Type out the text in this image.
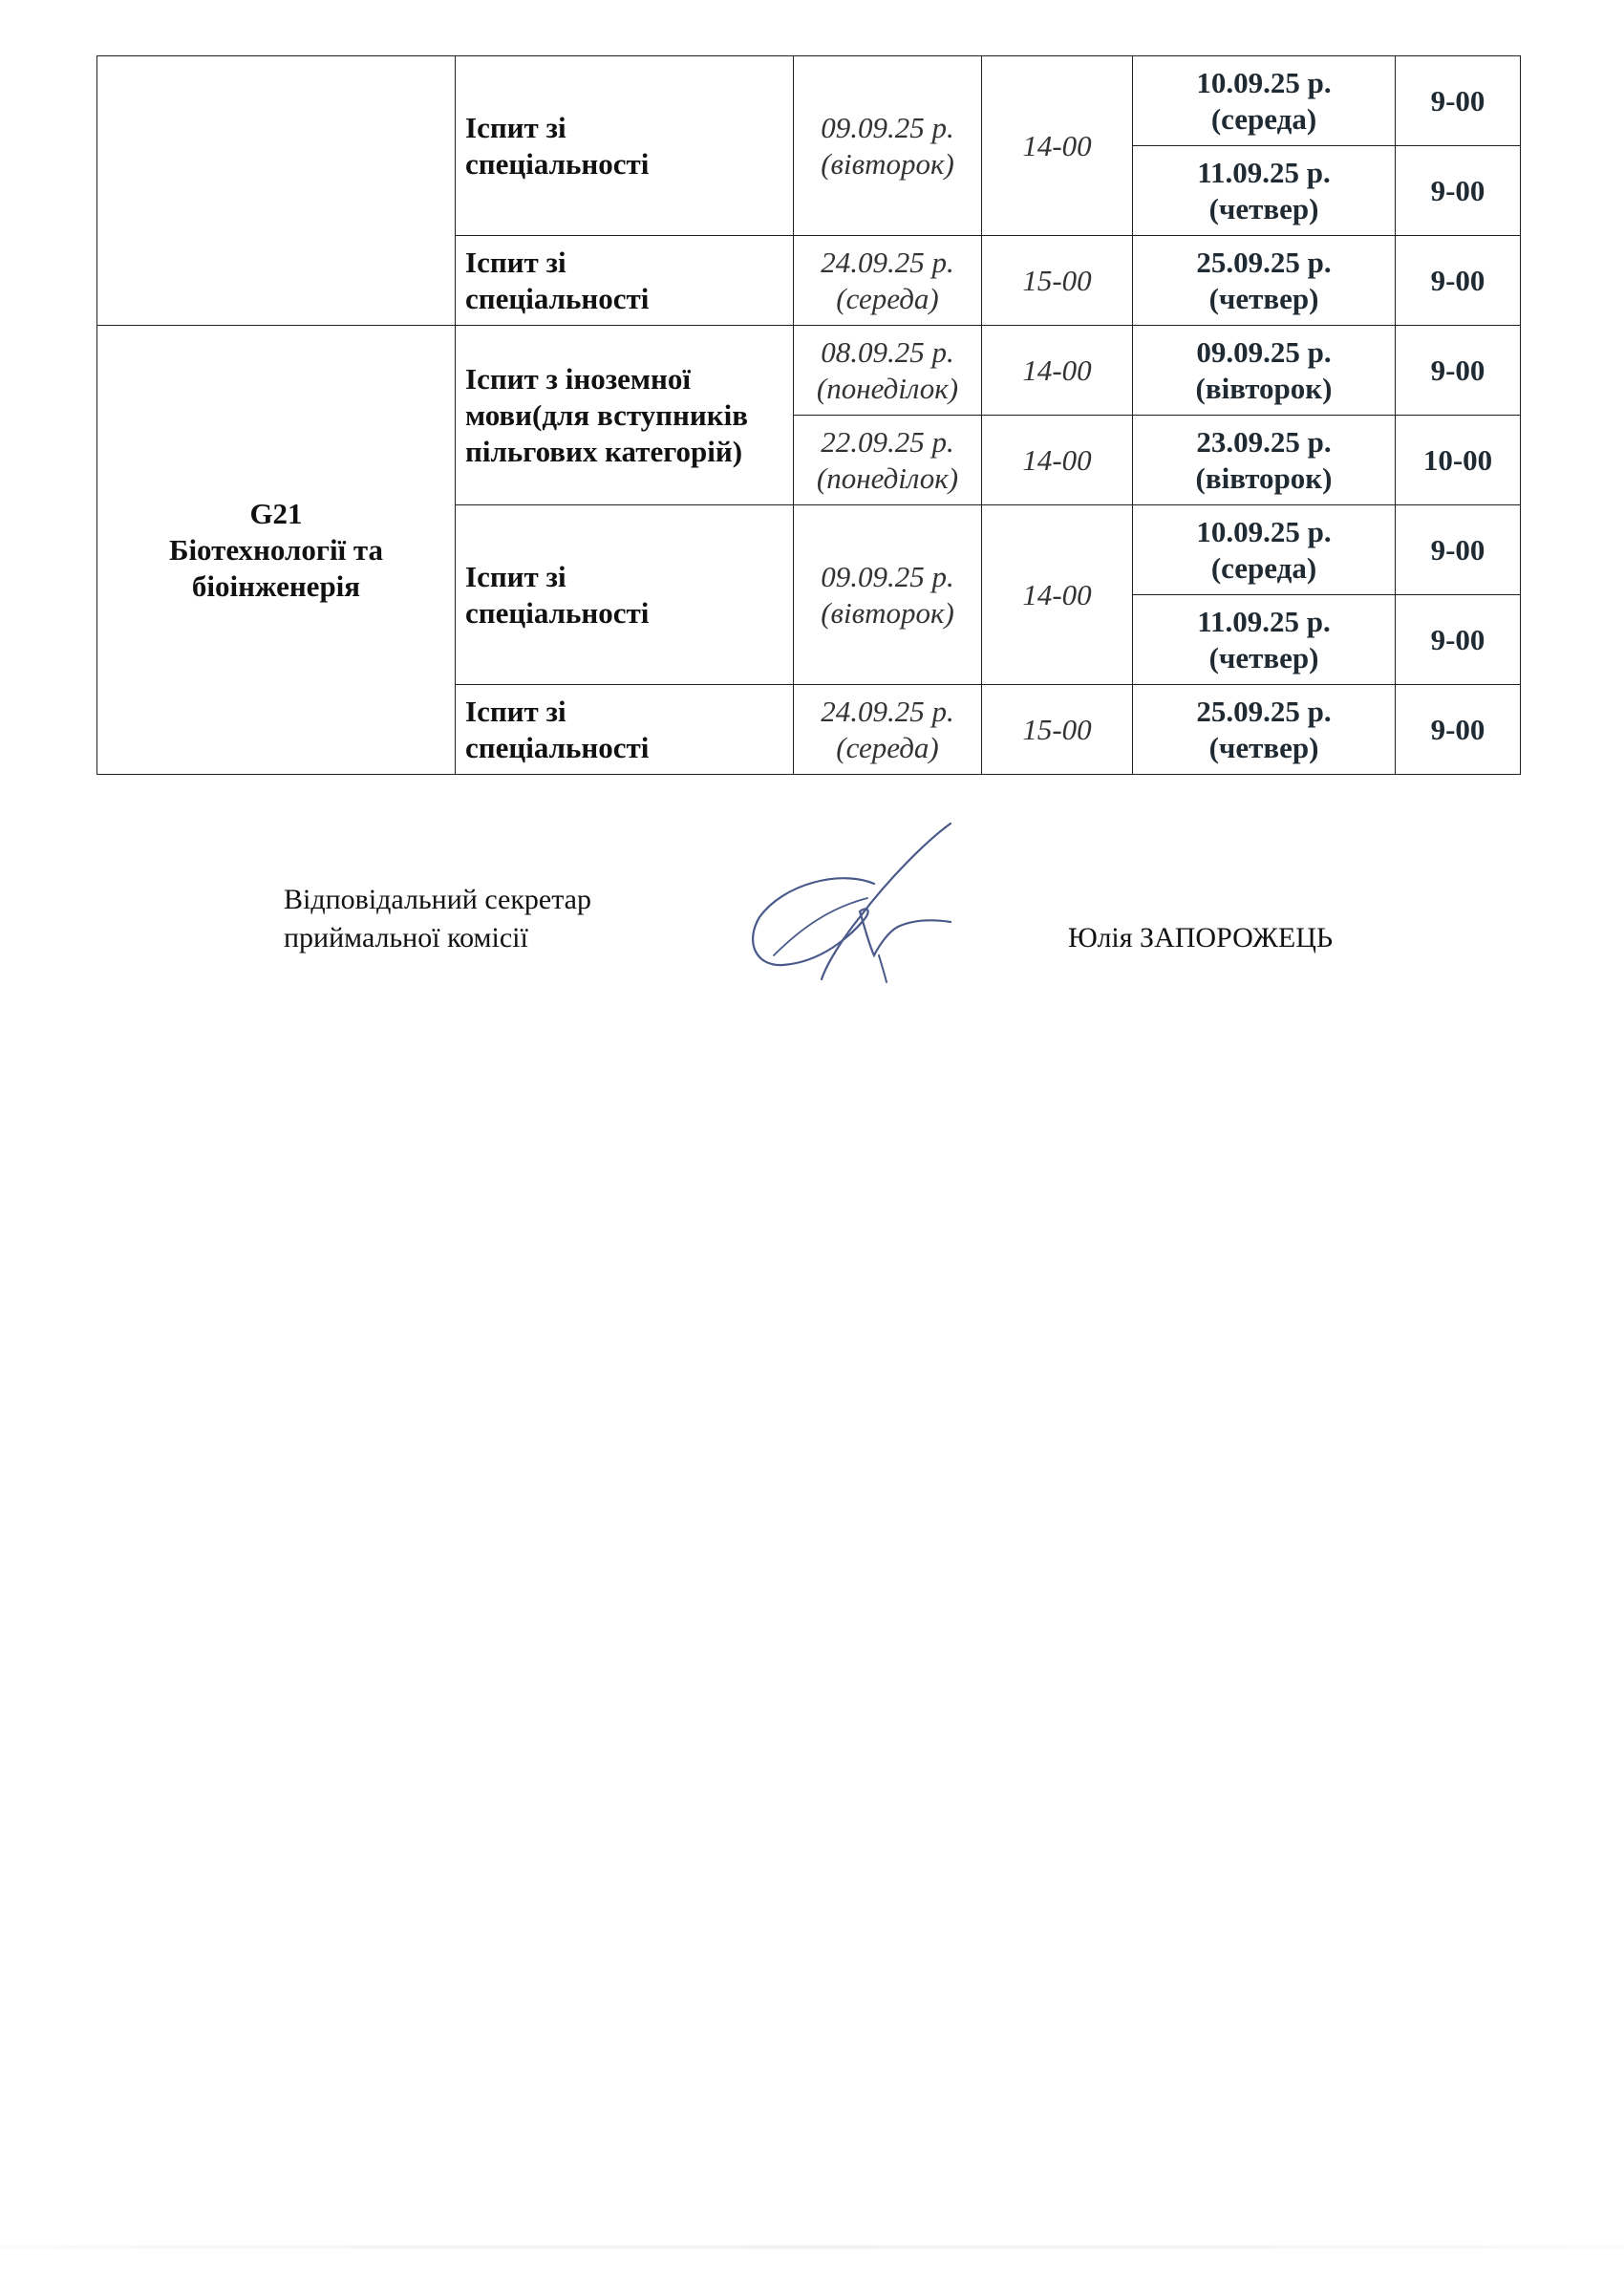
	Іспит зі
спеціальності	09.09.25 р.
(вівторок)	14-00	10.09.25 р.
(середа)	9-00

				11.09.25 р.
(четвер)	9-00

	Іспит зі
спеціальності	24.09.25 р.
(середа)	15-00	25.09.25 р.
(четвер)	9-00

G21
Біотехнології та
біоінженерія	Іспит з іноземної
мови(для вступників
пільгових категорій)	08.09.25 р.
(понеділок)	14-00	09.09.25 р.
(вівторок)	9-00

		22.09.25 р.
(понеділок)	14-00	23.09.25 р.
(вівторок)	10-00

	Іспит зі
спеціальності	09.09.25 р.
(вівторок)	14-00	10.09.25 р.
(середа)	9-00

				11.09.25 р.
(четвер)	9-00

	Іспит зі
спеціальності	24.09.25 р.
(середа)	15-00	25.09.25 р.
(четвер)	9-00
Відповідальний секретар
приймальної комісії	Юлія ЗАПОРОЖЕЦЬ
